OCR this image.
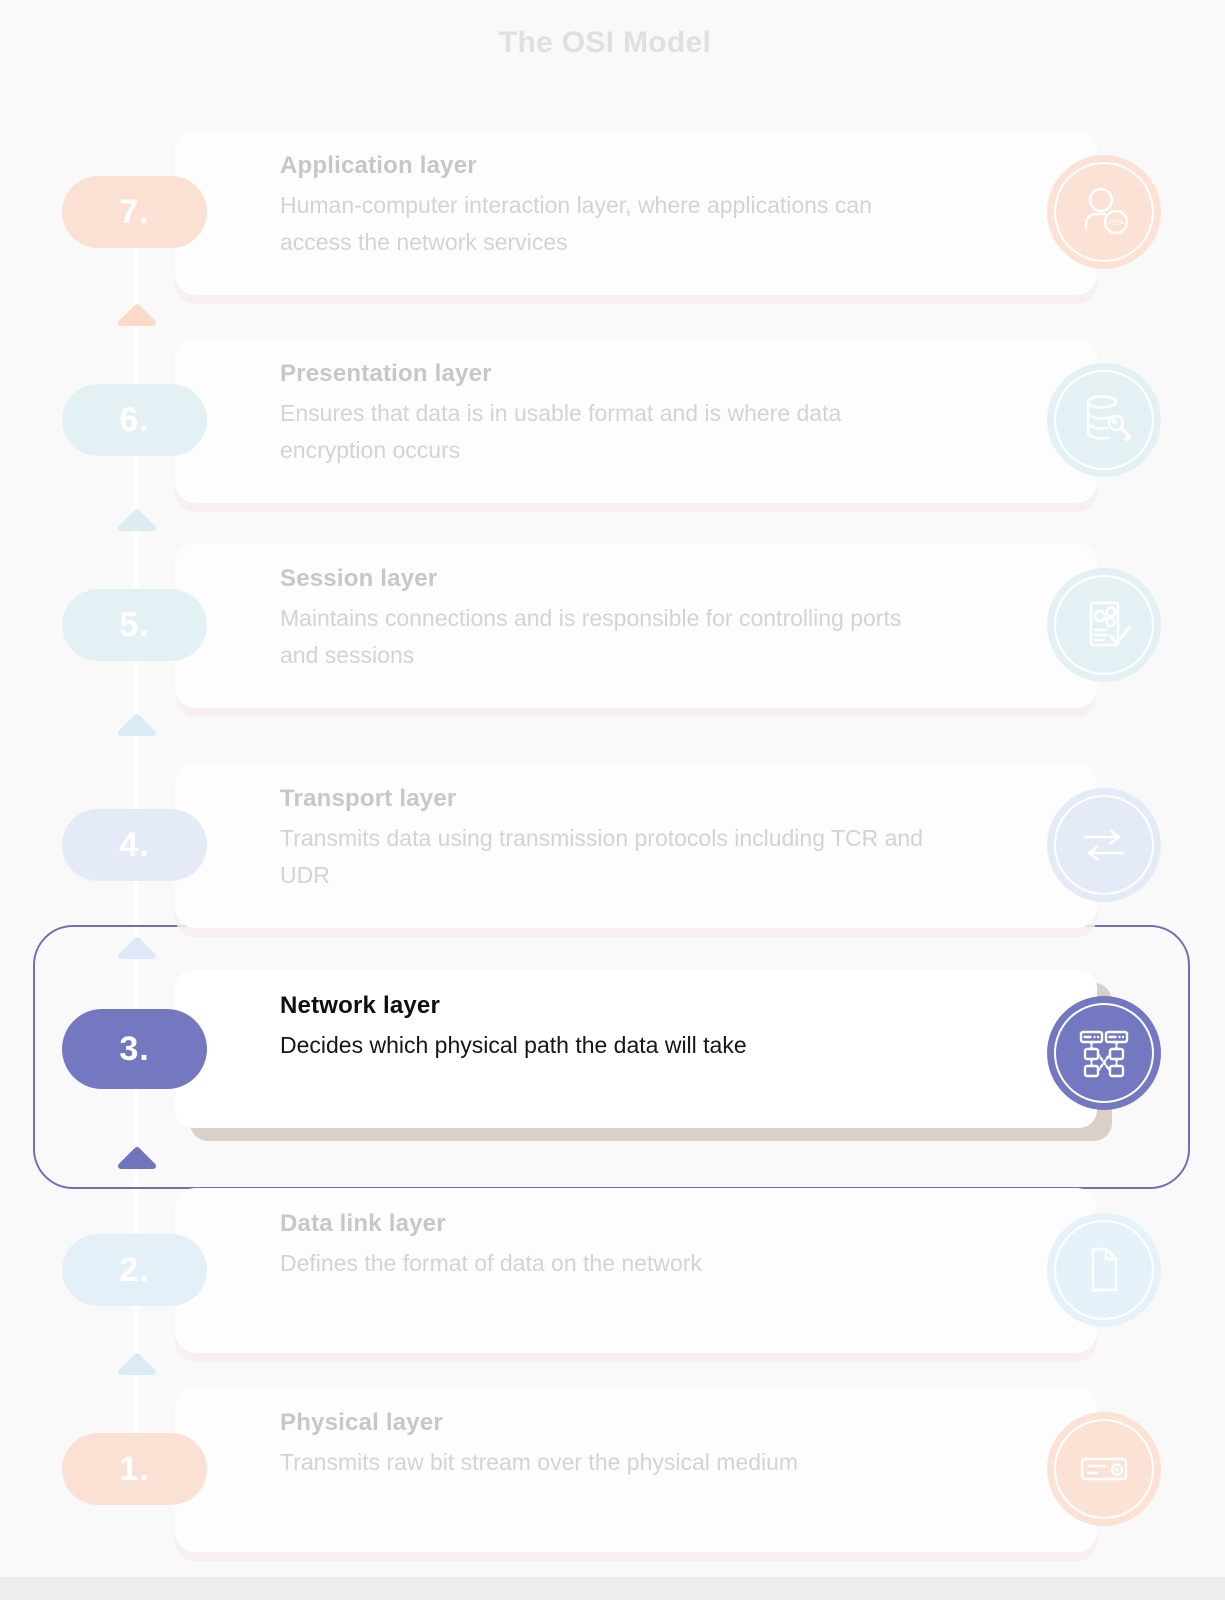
The OSI Model
Application layer

Human-computer interaction layer, where applications can access the network services

7.	</>
Presentation layer

Ensures that data is in usable format and is where data encryption occurs

6.
Session layer

Maintains connections and is responsible for controlling ports and sessions

5.
Transport layer

Transmits data using transmission protocols including TCR and UDR

4.
Network layer

Decides which physical path the data will take

3.
Data link layer

Defines the format of data on the network

2.
Physical layer

Transmits raw bit stream over the physical medium

1.
